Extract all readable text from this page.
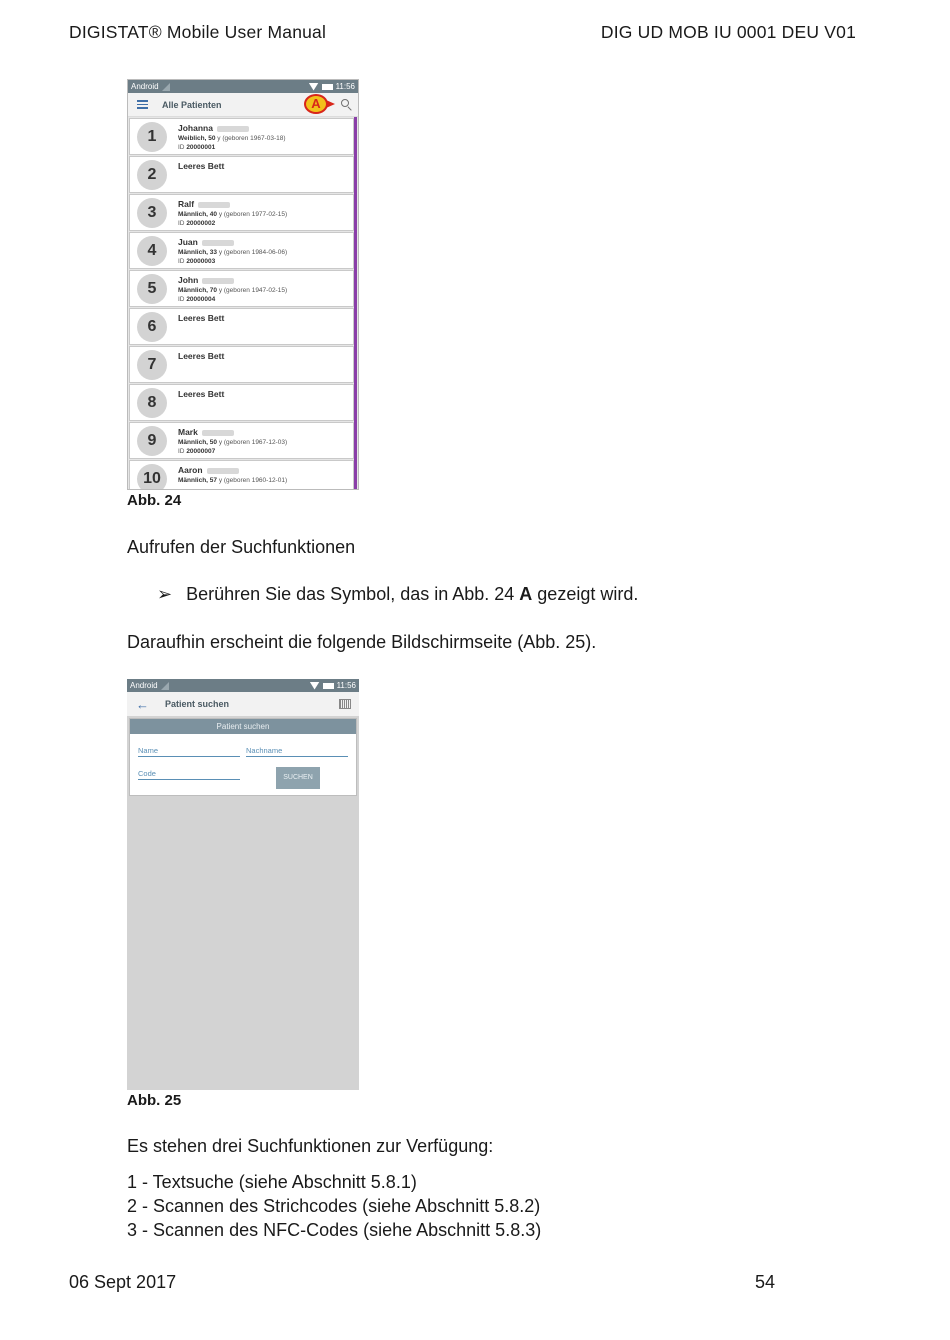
DIGISTAT® Mobile User Manual	DIG UD MOB IU 0001 DEU V01
Android	11:56
Alle Patienten	A
1	Johanna
Weiblich, 50 y (geboren 1967-03-18)
ID 20000001
2	Leeres Bett
3	Ralf
Männlich, 40 y (geboren 1977-02-15)
ID 20000002
4	Juan
Männlich, 33 y (geboren 1984-06-06)
ID 20000003
5	John
Männlich, 70 y (geboren 1947-02-15)
ID 20000004
6	Leeres Bett
7	Leeres Bett
8	Leeres Bett
9	Mark
Männlich, 50 y (geboren 1967-12-03)
ID 20000007
10	Aaron
Männlich, 57 y (geboren 1960-12-01)
Abb. 24
Aufrufen der Suchfunktionen
➢ Berühren Sie das Symbol, das in Abb. 24 A gezeigt wird.
Daraufhin erscheint die folgende Bildschirmseite (Abb. 25).
Android	11:56
← Patient suchen
Patient suchen
Name	Nachname
Code	SUCHEN
Abb. 25
Es stehen drei Suchfunktionen zur Verfügung:
1 - Textsuche (siehe Abschnitt 5.8.1)
2 - Scannen des Strichcodes (siehe Abschnitt 5.8.2)
3 - Scannen des NFC-Codes (siehe Abschnitt 5.8.3)
06 Sept 2017	54
